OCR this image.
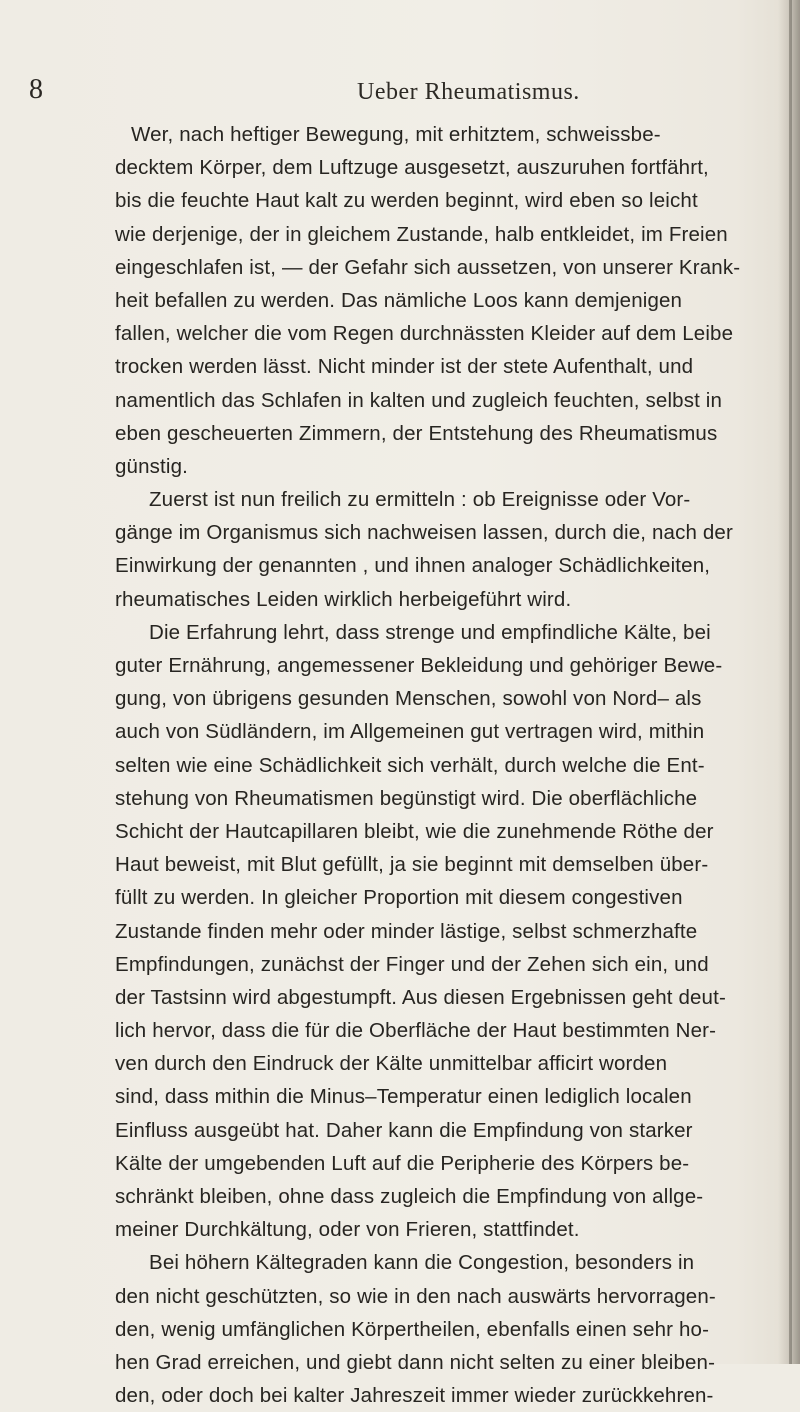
8	Ueber Rheumatismus.
Wer, nach heftiger Bewegung, mit erhitztem, schweissbe-
decktem Körper, dem Luftzuge ausgesetzt, auszuruhen fortfährt,
bis die feuchte Haut kalt zu werden beginnt, wird eben so leicht
wie derjenige, der in gleichem Zustande, halb entkleidet, im Freien
eingeschlafen ist, — der Gefahr sich aussetzen, von unserer Krank-
heit befallen zu werden. Das nämliche Loos kann demjenigen
fallen, welcher die vom Regen durchnässten Kleider auf dem Leibe
trocken werden lässt. Nicht minder ist der stete Aufenthalt, und
namentlich das Schlafen in kalten und zugleich feuchten, selbst in
eben gescheuerten Zimmern, der Entstehung des Rheumatismus
günstig.
Zuerst ist nun freilich zu ermitteln : ob Ereignisse oder Vor-
gänge im Organismus sich nachweisen lassen, durch die, nach der
Einwirkung der genannten , und ihnen analoger Schädlichkeiten,
rheumatisches Leiden wirklich herbeigeführt wird.
Die Erfahrung lehrt, dass strenge und empfindliche Kälte, bei
guter Ernährung, angemessener Bekleidung und gehöriger Bewe-
gung, von übrigens gesunden Menschen, sowohl von Nord– als
auch von Südländern, im Allgemeinen gut vertragen wird, mithin
selten wie eine Schädlichkeit sich verhält, durch welche die Ent-
stehung von Rheumatismen begünstigt wird. Die oberflächliche
Schicht der Hautcapillaren bleibt, wie die zunehmende Röthe der
Haut beweist, mit Blut gefüllt, ja sie beginnt mit demselben über-
füllt zu werden. In gleicher Proportion mit diesem congestiven
Zustande finden mehr oder minder lästige, selbst schmerzhafte
Empfindungen, zunächst der Finger und der Zehen sich ein, und
der Tastsinn wird abgestumpft. Aus diesen Ergebnissen geht deut-
lich hervor, dass die für die Oberfläche der Haut bestimmten Ner-
ven durch den Eindruck der Kälte unmittelbar afficirt worden
sind, dass mithin die Minus–Temperatur einen lediglich localen
Einfluss ausgeübt hat. Daher kann die Empfindung von starker
Kälte der umgebenden Luft auf die Peripherie des Körpers be-
schränkt bleiben, ohne dass zugleich die Empfindung von allge-
meiner Durchkältung, oder von Frieren, stattfindet.
Bei höhern Kältegraden kann die Congestion, besonders in
den nicht geschützten, so wie in den nach auswärts hervorragen-
den, wenig umfänglichen Körpertheilen, ebenfalls einen sehr ho-
hen Grad erreichen, und giebt dann nicht selten zu einer bleiben-
den, oder doch bei kalter Jahreszeit immer wieder zurückkehren-
